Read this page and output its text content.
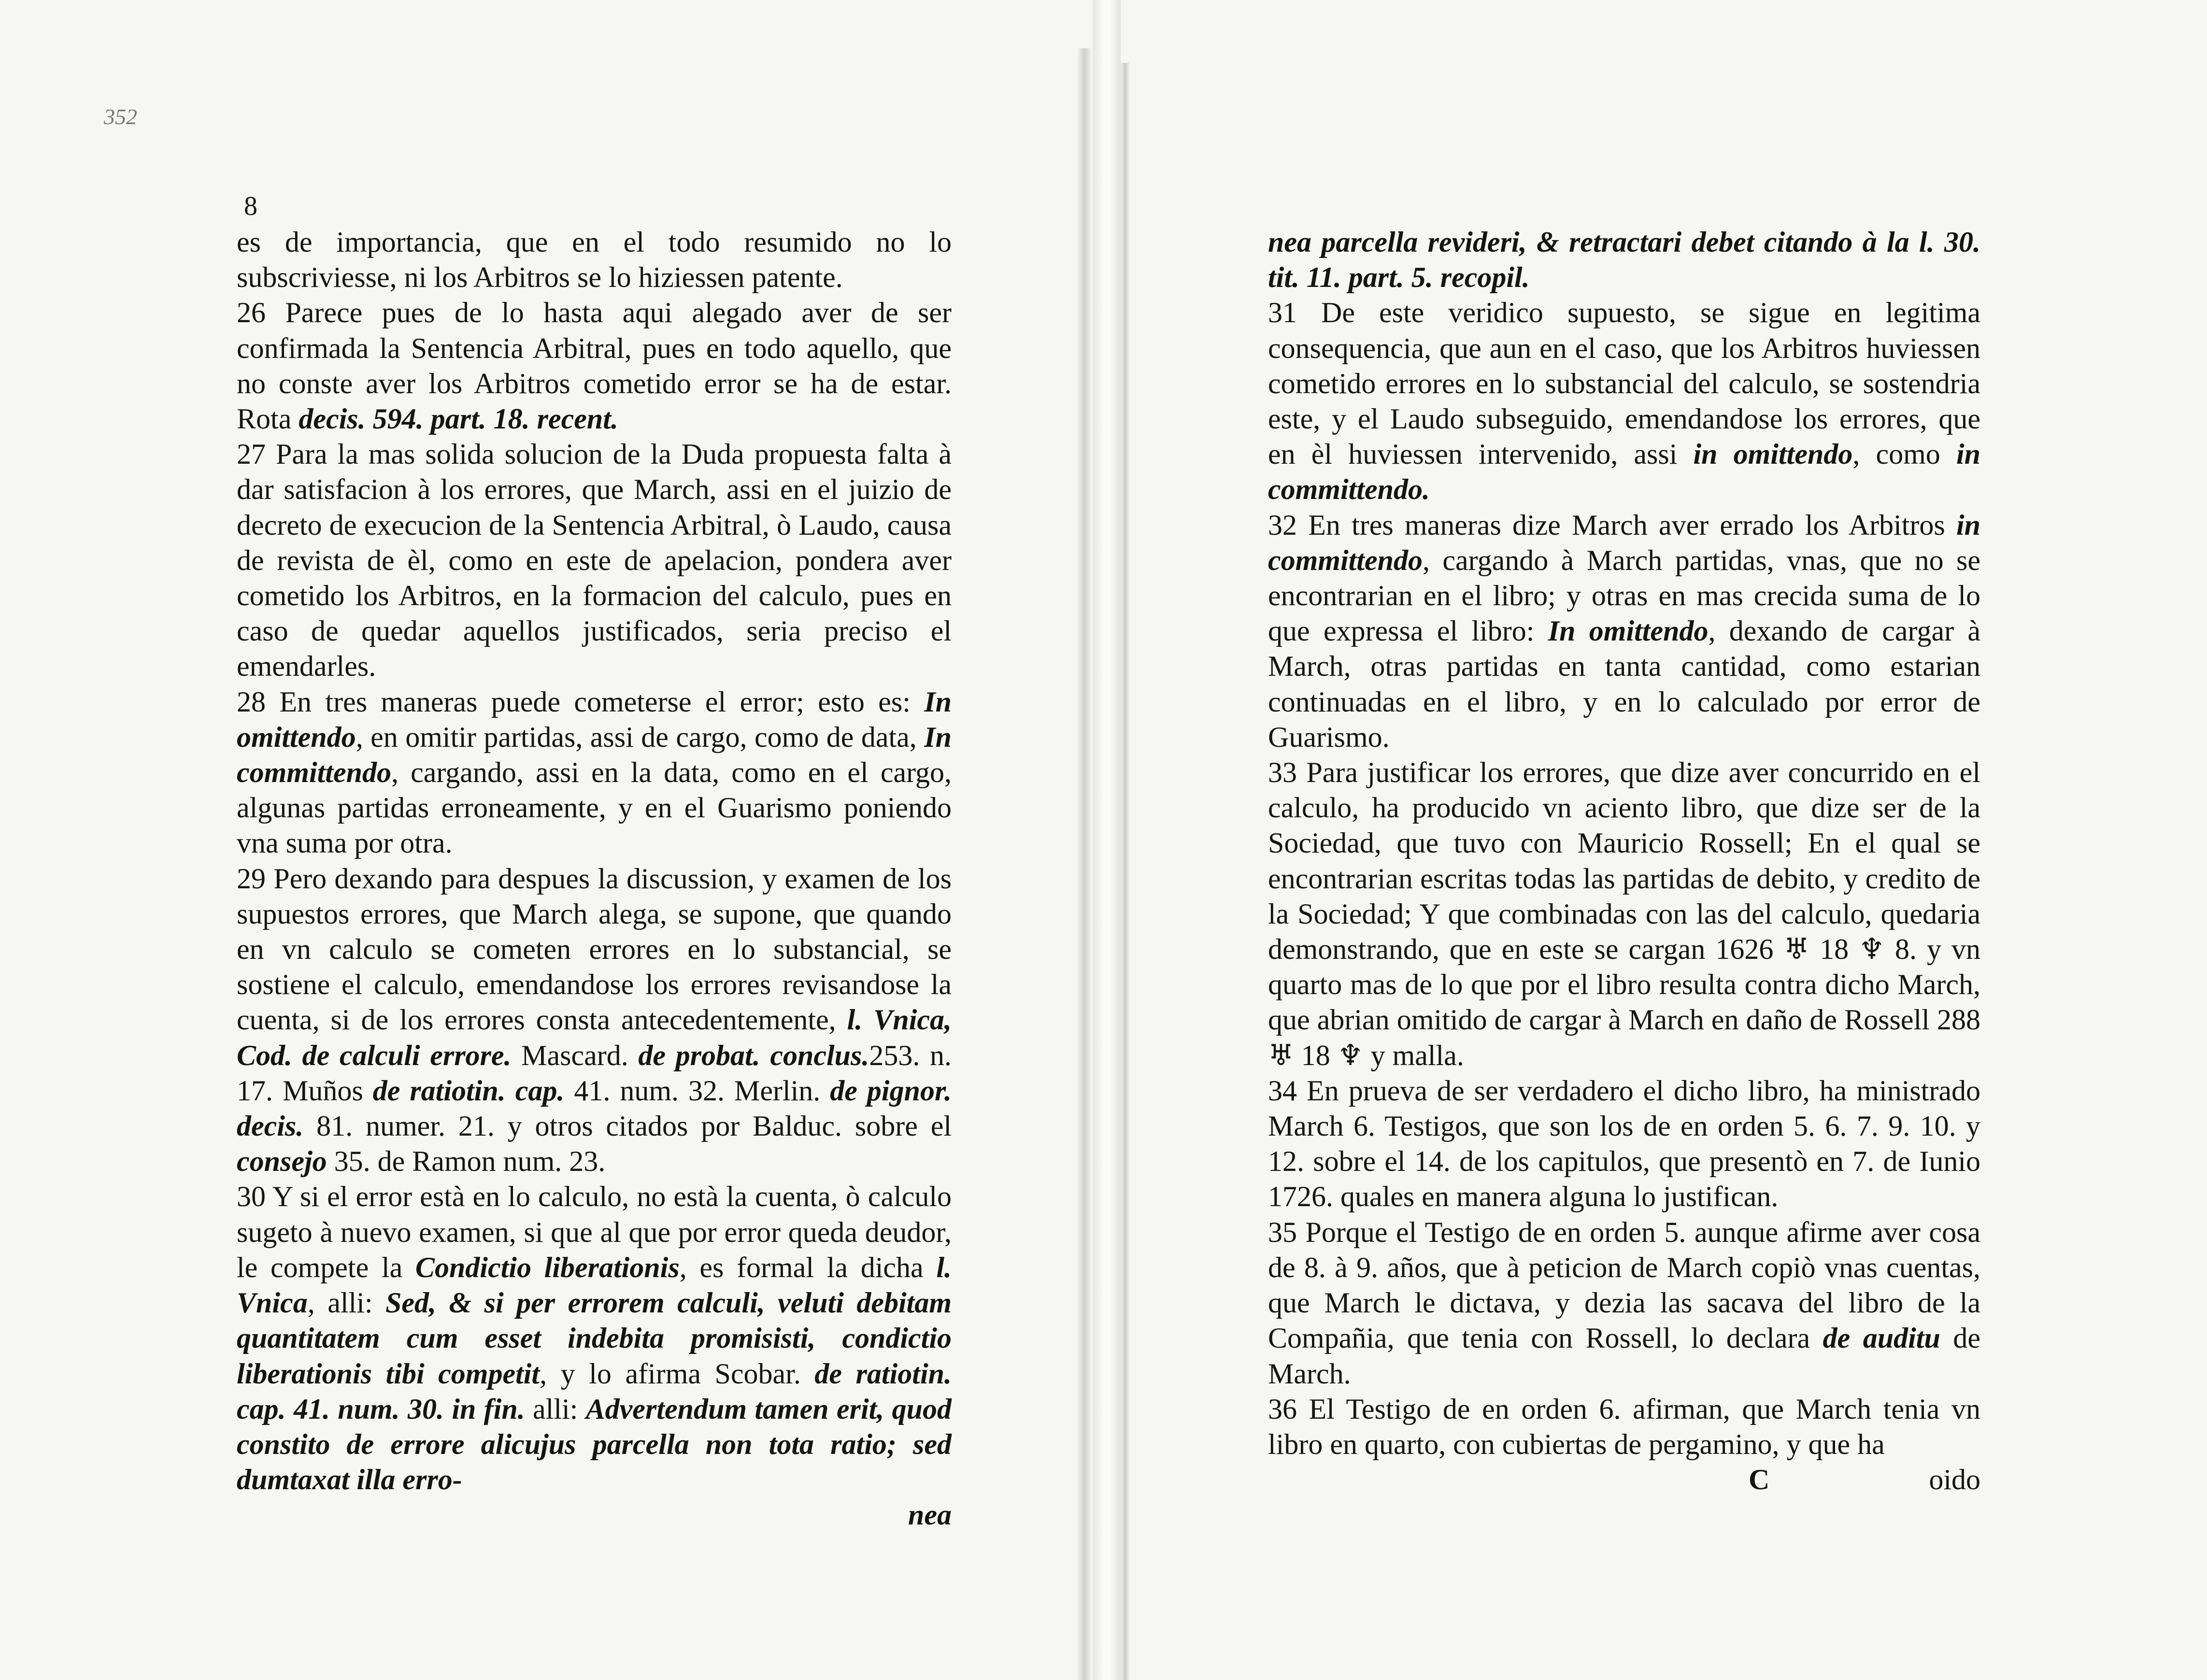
352
8

es de importancia, que en el todo resumido no lo subscriviesse, ni los Arbitros se lo hiziessen patente.

26 Parece pues de lo hasta aqui alegado aver de ser confirmada la Sentencia Arbitral, pues en todo aquello, que no conste aver los Arbitros cometido error se ha de estar. Rota decis. 594. part. 18. recent.

27 Para la mas solida solucion de la Duda propuesta falta à dar satisfacion à los errores, que March, assi en el juizio de decreto de execucion de la Sentencia Arbitral, ò Laudo, causa de revista de èl, como en este de apelacion, pondera aver cometido los Arbitros, en la formacion del calculo, pues en caso de quedar aquellos justificados, seria preciso el emendarles.

28 En tres maneras puede cometerse el error; esto es: In omittendo, en omitir partidas, assi de cargo, como de data, In committendo, cargando, assi en la data, como en el cargo, algunas partidas erroneamente, y en el Guarismo poniendo vna suma por otra.

29 Pero dexando para despues la discussion, y examen de los supuestos errores, que March alega, se supone, que quando en vn calculo se cometen errores en lo substancial, se sostiene el calculo, emendandose los errores revisandose la cuenta, si de los errores consta antecedentemente, l. Vnica, Cod. de calculi errore. Mascard. de probat. conclus.253. n. 17. Muños de ratiotin. cap. 41. num. 32. Merlin. de pignor. decis. 81. numer. 21. y otros citados por Balduc. sobre el consejo 35. de Ramon num. 23.

30 Y si el error està en lo calculo, no està la cuenta, ò calculo sugeto à nuevo examen, si que al que por error queda deudor, le compete la Condictio liberationis, es formal la dicha l. Vnica, alli: Sed, & si per errorem calculi, veluti debitam quantitatem cum esset indebita promisisti, condictio liberationis tibi competit, y lo afirma Scobar. de ratiotin. cap. 41. num. 30. in fin. alli: Advertendum tamen erit, quod constito de errore alicujus parcella non tota ratio; sed dumtaxat illa erro-

nea

nea parcella revideri, & retractari debet citando à la l. 30. tit. 11. part. 5. recopil.

31 De este veridico supuesto, se sigue en legitima consequencia, que aun en el caso, que los Arbitros huviessen cometido errores en lo substancial del calculo, se sostendria este, y el Laudo subseguido, emendandose los errores, que en èl huviessen intervenido, assi in omittendo, como in committendo.

32 En tres maneras dize March aver errado los Arbitros in committendo, cargando à March partidas, vnas, que no se encontrarian en el libro; y otras en mas crecida suma de lo que expressa el libro: In omittendo, dexando de cargar à March, otras partidas en tanta cantidad, como estarian continuadas en el libro, y en lo calculado por error de Guarismo.

33 Para justificar los errores, que dize aver concurrido en el calculo, ha producido vn aciento libro, que dize ser de la Sociedad, que tuvo con Mauricio Rossell; En el qual se encontrarian escritas todas las partidas de debito, y credito de la Sociedad; Y que combinadas con las del calculo, quedaria demonstrando, que en este se cargan 1626 ♅ 18 ♆ 8. y vn quarto mas de lo que por el libro resulta contra dicho March, que abrian omitido de cargar à March en daño de Rossell 288 ♅ 18 ♆ y malla.

34 En prueva de ser verdadero el dicho libro, ha ministrado March 6. Testigos, que son los de en orden 5. 6. 7. 9. 10. y 12. sobre el 14. de los capitulos, que presentò en 7. de Iunio 1726. quales en manera alguna lo justifican.

35 Porque el Testigo de en orden 5. aunque afirme aver cosa de 8. à 9. años, que à peticion de March copiò vnas cuentas, que March le dictava, y dezia las sacava del libro de la Compañia, que tenia con Rossell, lo declara de auditu de March.

36 El Testigo de en orden 6. afirman, que March tenia vn libro en quarto, con cubiertas de pergamino, y que ha

C	oido
